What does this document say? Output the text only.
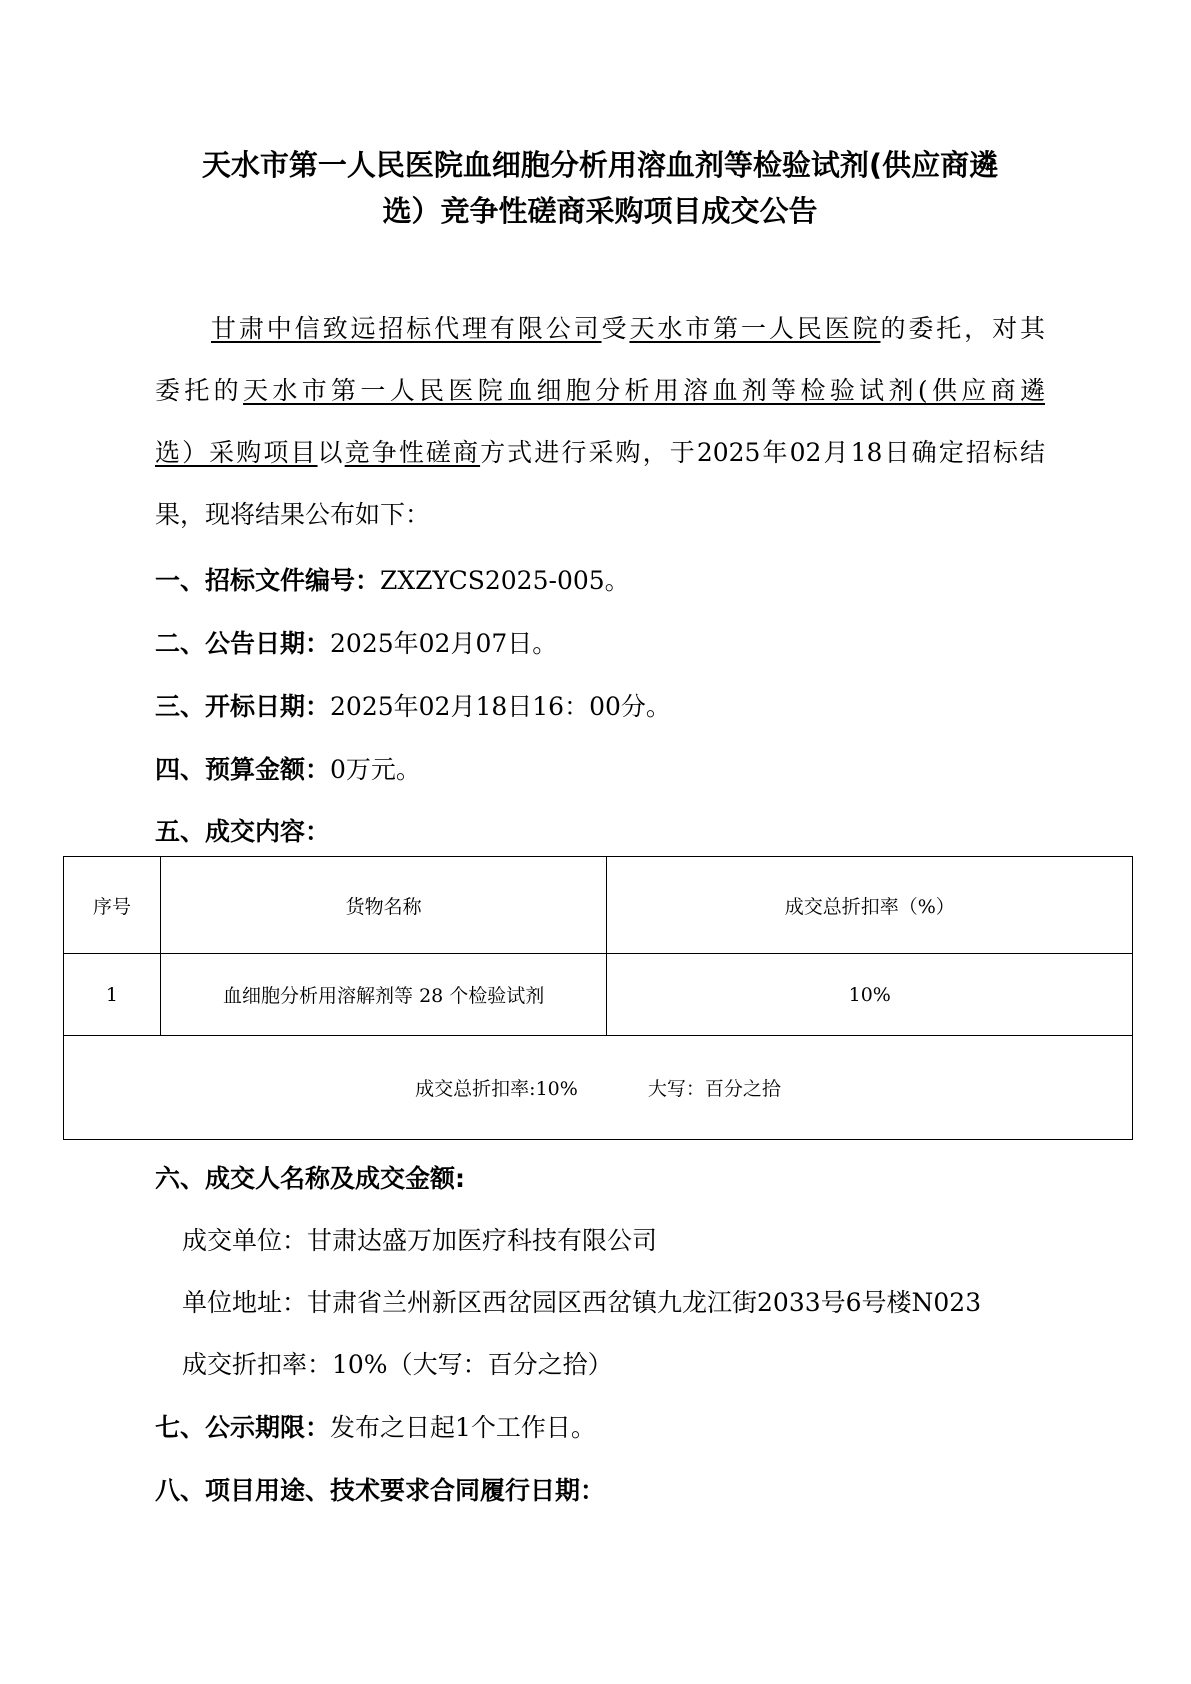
天水市第一人民医院血细胞分析用溶血剂等检验试剂(供应商遴
选）竞争性磋商采购项目成交公告
甘肃中信致远招标代理有限公司受天水市第一人民医院的委托，对其
委托的天水市第一人民医院血细胞分析用溶血剂等检验试剂(供应商遴
选）采购项目以竞争性磋商方式进行采购，于2025年02月18日确定招标结
果，现将结果公布如下：
一、招标文件编号：ZXZYCS2025-005。
二、公告日期：2025年02月07日。
三、开标日期：2025年02月18日16：00分。
四、预算金额：0万元。
五、成交内容：
序号	货物名称	成交总折扣率（%）
1	血细胞分析用溶解剂等 28 个检验试剂	10%
成交总折扣率:10% 大写：百分之拾		
六、成交人名称及成交金额:
成交单位：甘肃达盛万加医疗科技有限公司
单位地址：甘肃省兰州新区西岔园区西岔镇九龙江街2033号6号楼N023
成交折扣率：10%（大写：百分之拾）
七、公示期限：发布之日起1个工作日。
八、项目用途、技术要求合同履行日期：
